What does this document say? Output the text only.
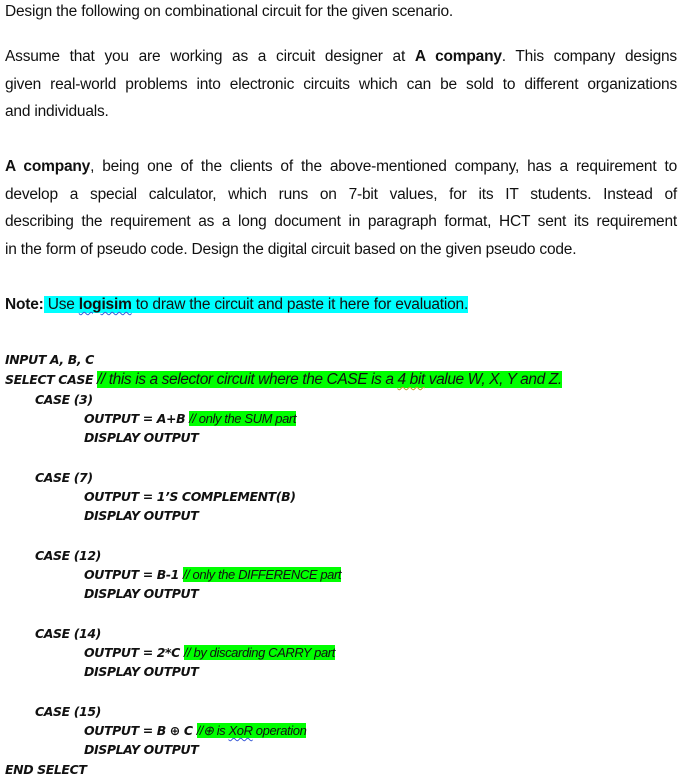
Design the following on combinational circuit for the given scenario.
Assume that you are working as a circuit designer at A company. This company designs
given real-world problems into electronic circuits which can be sold to different organizations
and individuals.
A company, being one of the clients of the above-mentioned company, has a requirement to
develop a special calculator, which runs on 7-bit values, for its IT students. Instead of
describing the requirement as a long document in paragraph format, HCT sent its requirement
in the form of pseudo code. Design the digital circuit based on the given pseudo code.
Note: Use logisim to draw the circuit and paste it here for evaluation.
INPUT A, B, C
SELECT CASE // this is a selector circuit where the CASE is a 4 bit value W, X, Y and Z.
CASE (3)
OUTPUT = A+B // only the SUM part
DISPLAY OUTPUT
CASE (7)
OUTPUT = 1’S COMPLEMENT(B)
DISPLAY OUTPUT
CASE (12)
OUTPUT = B-1 // only the DIFFERENCE part
DISPLAY OUTPUT
CASE (14)
OUTPUT = 2*C // by discarding CARRY part
DISPLAY OUTPUT
CASE (15)
OUTPUT = B ⊕ C //⊕ is XoR operation
DISPLAY OUTPUT
END SELECT
